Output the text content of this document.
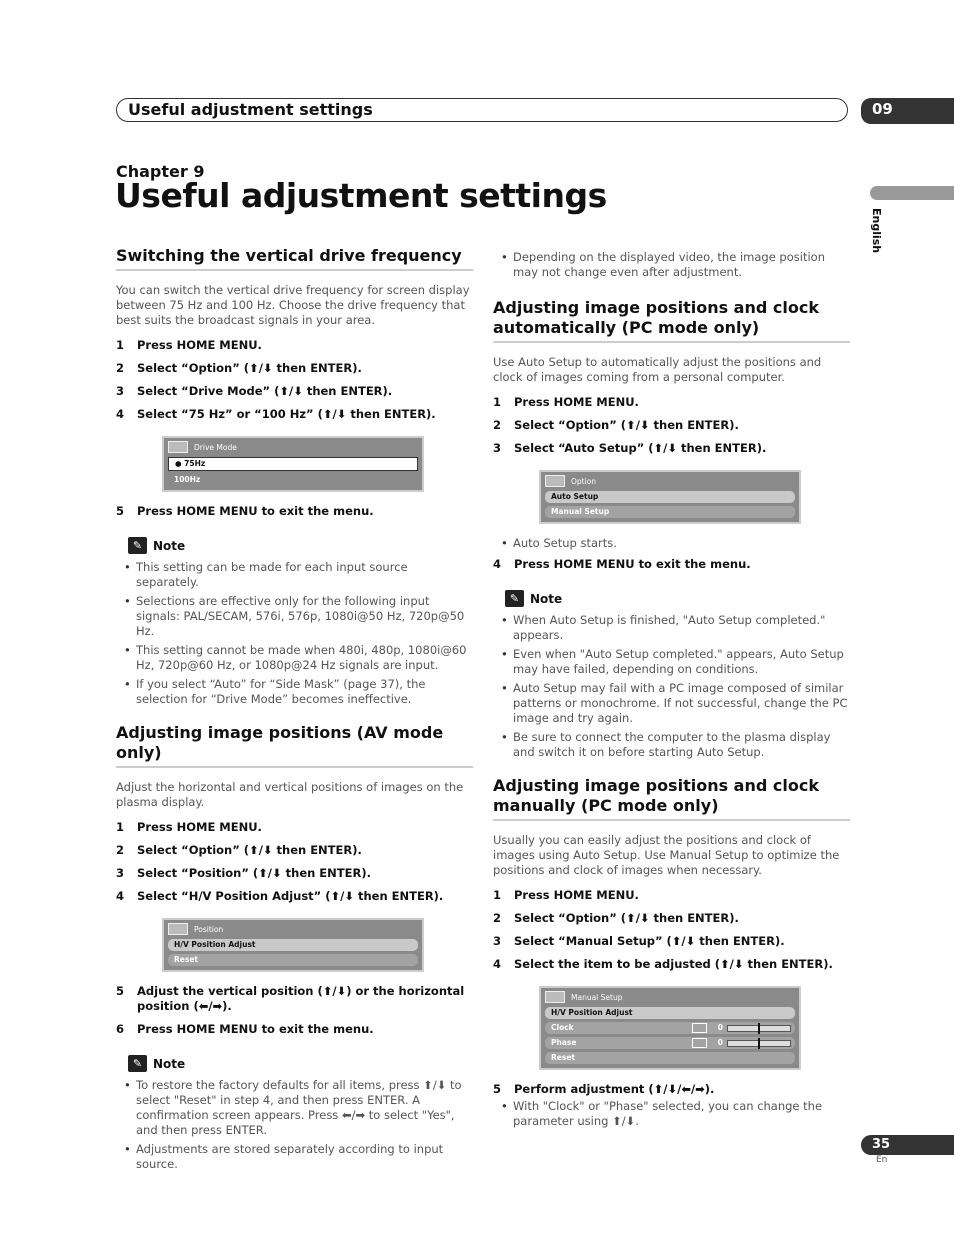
Useful adjustment settings	09
English
Chapter 9
Useful adjustment settings
Switching the vertical drive frequency

You can switch the vertical drive frequency for screen display between 75 Hz and 100 Hz. Choose the drive frequency that best suits the broadcast signals in your area.

1	Press HOME MENU.
2	Select “Option” (⬆/⬇ then ENTER).
3	Select “Drive Mode” (⬆/⬇ then ENTER).
4	Select “75 Hz” or “100 Hz” (⬆/⬇ then ENTER).
Drive Mode
● 75Hz
100Hz
5	Press HOME MENU to exit the menu.
✎ Note
• This setting can be made for each input source separately.
• Selections are effective only for the following input signals: PAL/SECAM, 576i, 576p, 1080i@50 Hz, 720p@50 Hz.
• This setting cannot be made when 480i, 480p, 1080i@60 Hz, 720p@60 Hz, or 1080p@24 Hz signals are input.
• If you select “Auto” for “Side Mask” (page 37), the selection for “Drive Mode” becomes ineffective.
Adjusting image positions (AV mode only)

Adjust the horizontal and vertical positions of images on the plasma display.

1	Press HOME MENU.
2	Select “Option” (⬆/⬇ then ENTER).
3	Select “Position” (⬆/⬇ then ENTER).
4	Select “H/V Position Adjust” (⬆/⬇ then ENTER).
Position
H/V Position Adjust
Reset
5	Adjust the vertical position (⬆/⬇) or the horizontal position (⬅/➡).
6	Press HOME MENU to exit the menu.
✎ Note
• To restore the factory defaults for all items, press ⬆/⬇ to select "Reset" in step 4, and then press ENTER. A confirmation screen appears. Press ⬅/➡ to select "Yes", and then press ENTER.
• Adjustments are stored separately according to input source.
• Depending on the displayed video, the image position may not change even after adjustment.
Adjusting image positions and clock automatically (PC mode only)

Use Auto Setup to automatically adjust the positions and clock of images coming from a personal computer.

1	Press HOME MENU.
2	Select “Option” (⬆/⬇ then ENTER).
3	Select “Auto Setup” (⬆/⬇ then ENTER).
Option
Auto Setup
Manual Setup
• Auto Setup starts.
4	Press HOME MENU to exit the menu.
✎ Note
• When Auto Setup is finished, "Auto Setup completed." appears.
• Even when "Auto Setup completed." appears, Auto Setup may have failed, depending on conditions.
• Auto Setup may fail with a PC image composed of similar patterns or monochrome. If not successful, change the PC image and try again.
• Be sure to connect the computer to the plasma display and switch it on before starting Auto Setup.
Adjusting image positions and clock manually (PC mode only)

Usually you can easily adjust the positions and clock of images using Auto Setup. Use Manual Setup to optimize the positions and clock of images when necessary.

1	Press HOME MENU.
2	Select “Option” (⬆/⬇ then ENTER).
3	Select “Manual Setup” (⬆/⬇ then ENTER).
4	Select the item to be adjusted (⬆/⬇ then ENTER).
Manual Setup
H/V Position Adjust
Clock	0
Phase	0
Reset
5	Perform adjustment (⬆/⬇/⬅/➡).
• With "Clock" or "Phase" selected, you can change the parameter using ⬆/⬇.
35
En
